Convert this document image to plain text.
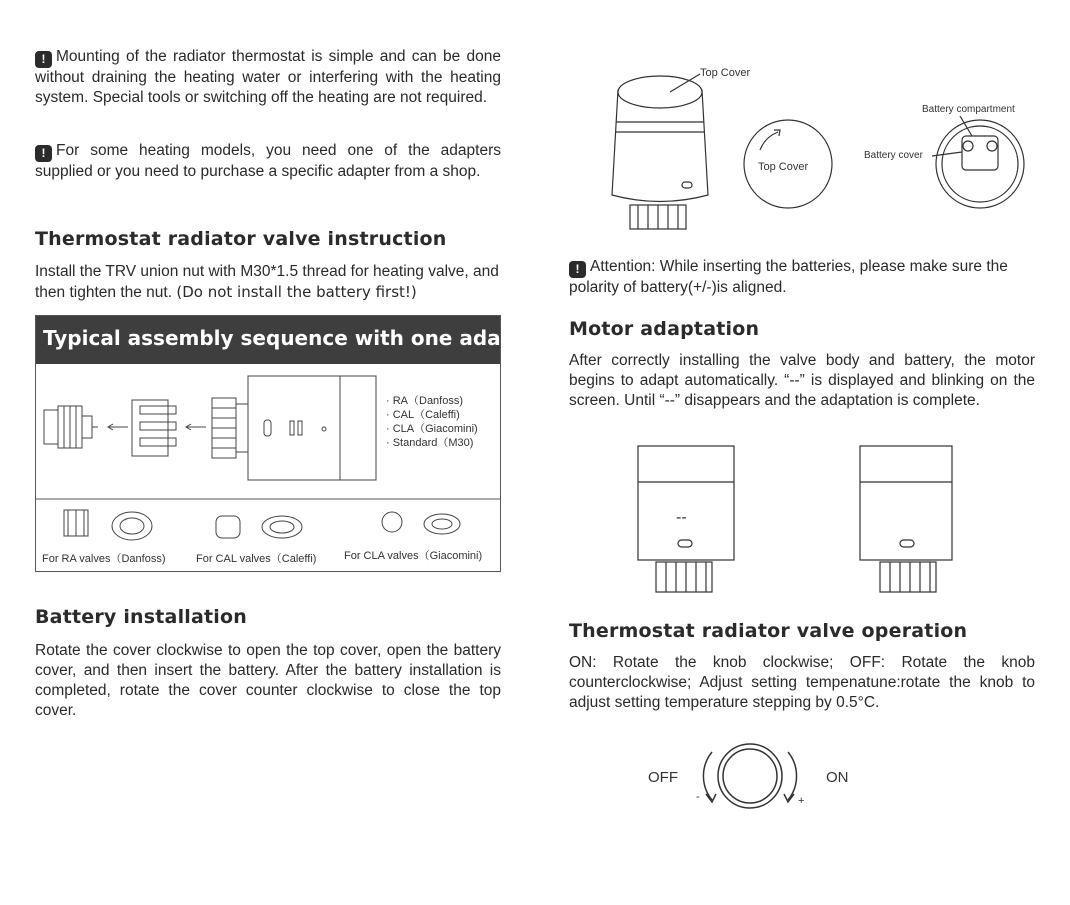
! Mounting of the radiator thermostat is simple and can be done without draining the heating water or interfering with the heating system. Special tools or switching off the heating are not required.
! For some heating models, you need one of the adapters supplied or you need to purchase a specific adapter from a shop.
Thermostat radiator valve instruction
Install the TRV union nut with M30*1.5 thread for heating valve, and then tighten the nut. (Do not install the battery first!)
Typical assembly sequence with one adapter
· RA（Danfoss)
· CAL（Caleffi)
· CLA（Giacomini)
· Standard（M30)
For RA valves（Danfoss)	For CAL valves（Caleffi)	For CLA valves（Giacomini)
Battery installation
Rotate the cover clockwise to open the top cover, open the battery cover, and then insert the battery. After the battery installation is completed, rotate the cover counter clockwise to close the top cover.
Top Cover
Top Cover
Battery compartment
Battery cover
! Attention: While inserting the batteries, please make sure the polarity of battery(+/-)is aligned.
Motor adaptation
After correctly installing the valve body and battery, the motor begins to adapt automatically. “--” is displayed and blinking on the screen. Until “--” disappears and the adaptation is complete.
--
Thermostat radiator valve operation
ON: Rotate the knob clockwise; OFF: Rotate the knob counterclockwise; Adjust setting tempenatune:rotate the knob to adjust setting temperature stepping by 0.5°C.
OFF	ON
-	+
